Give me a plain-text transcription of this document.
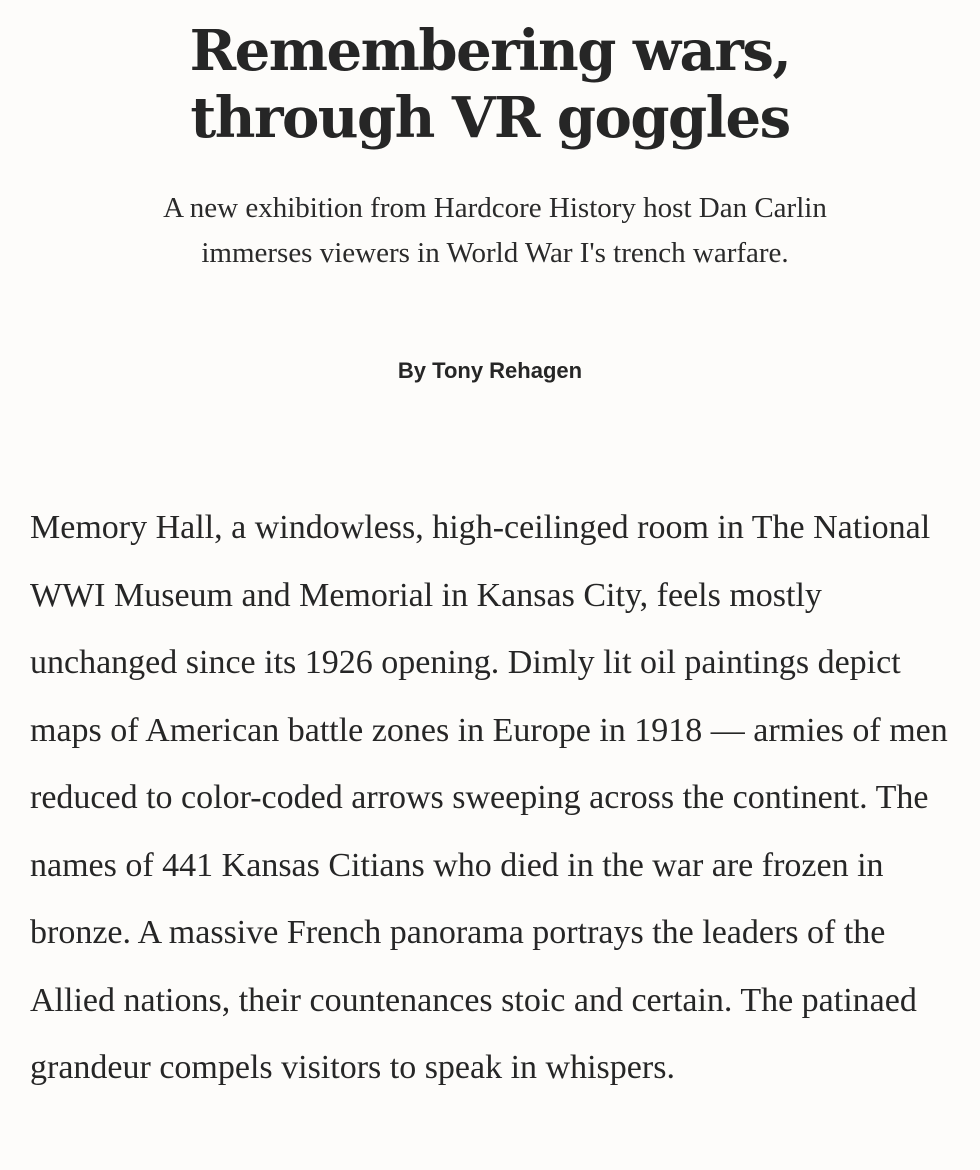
Remembering wars,
through VR goggles

A new exhibition from Hardcore History host Dan Carlin immerses viewers in World War I's trench warfare.

By Tony Rehagen

Memory Hall, a windowless, high-ceilinged room in The National WWI Museum and Memorial in Kansas City, feels mostly unchanged since its 1926 opening. Dimly lit oil paintings depict maps of American battle zones in Europe in 1918 — armies of men reduced to color-coded arrows sweeping across the continent. The names of 441 Kansas Citians who died in the war are frozen in bronze. A massive French panorama portrays the leaders of the Allied nations, their countenances stoic and certain. The patinaed grandeur compels visitors to speak in whispers.
